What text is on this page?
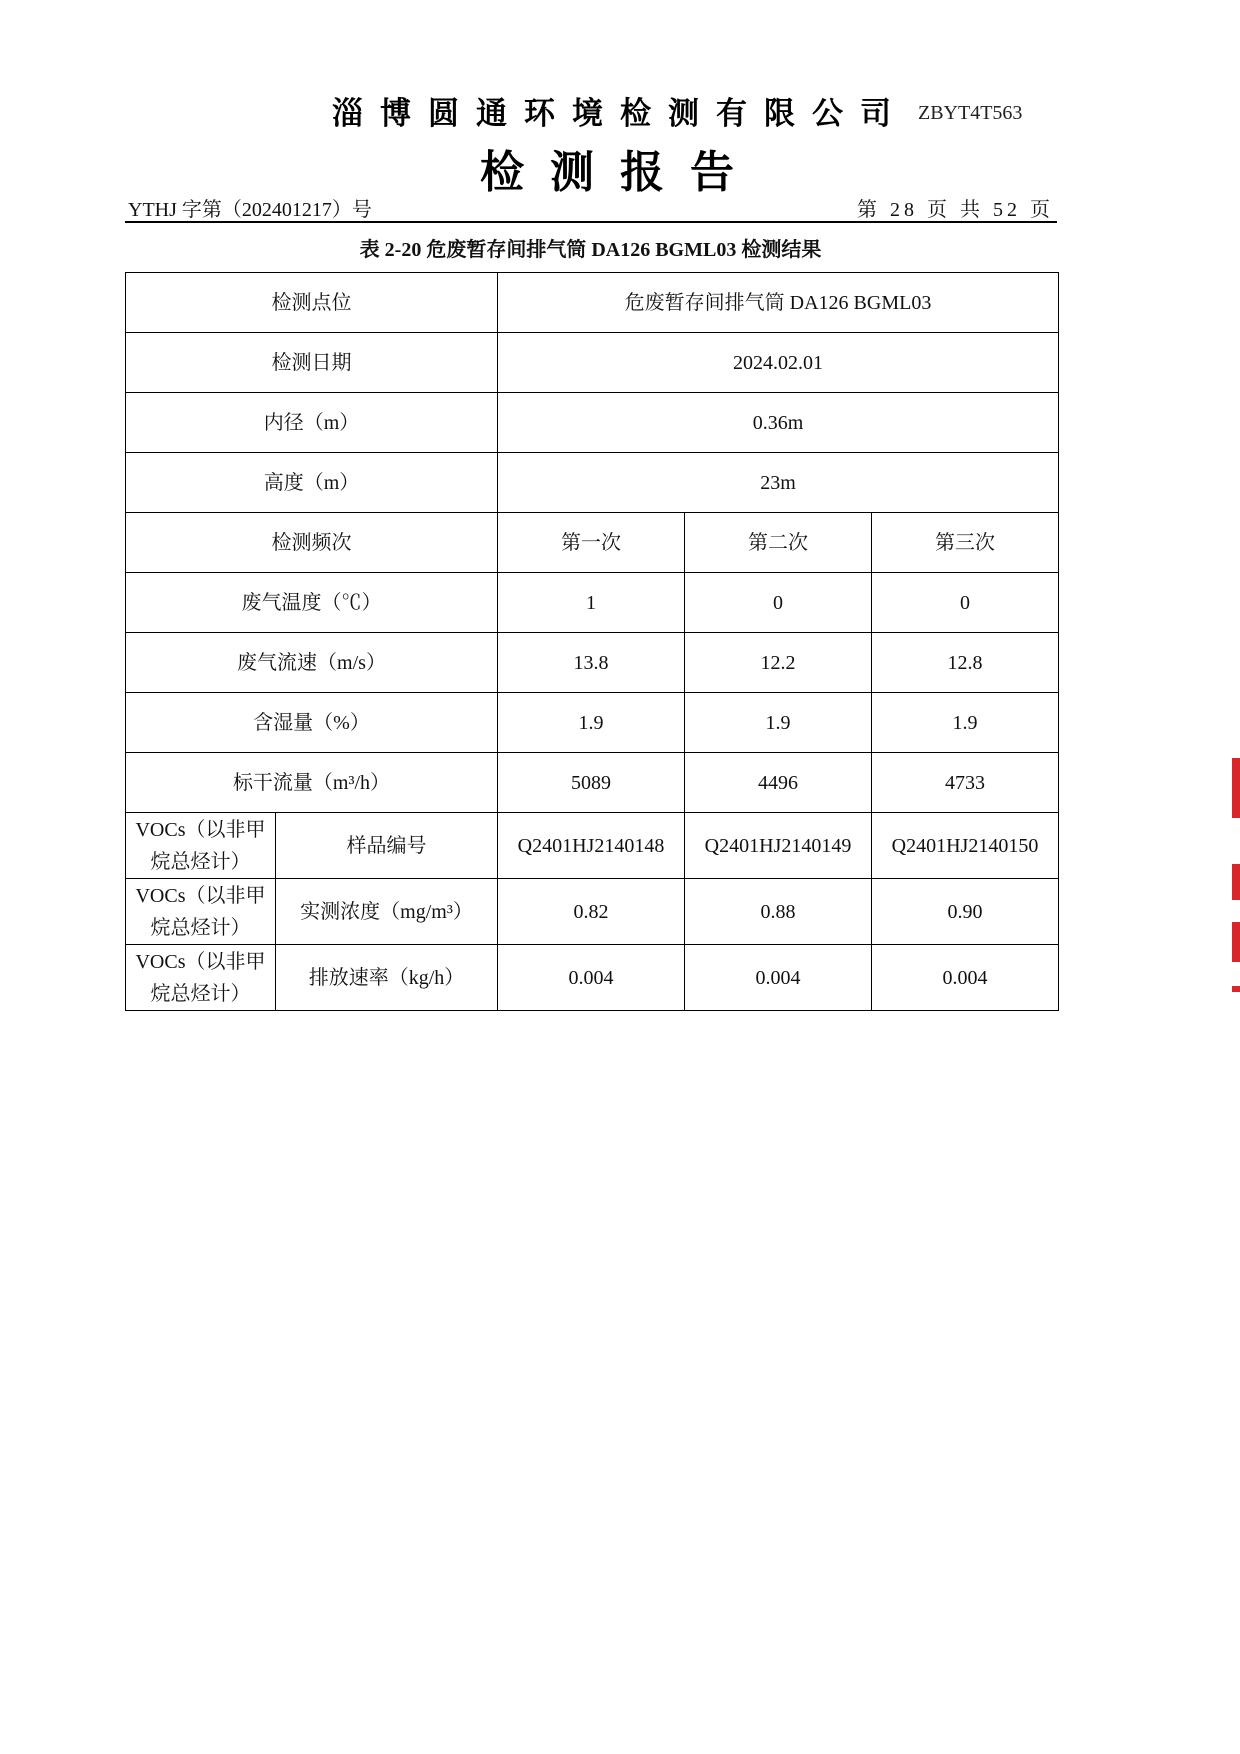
淄博圆通环境检测有限公司 ZBYT4T563
检测报告
YTHJ 字第（202401217）号	第 28 页 共 52 页
表 2-20 危废暂存间排气筒 DA126 BGML03 检测结果
检测点位		危废暂存间排气筒 DA126 BGML03		
检测日期		2024.02.01		
内径（m）		0.36m		
高度（m）		23m		
检测频次		第一次	第二次	第三次
废气温度（℃）		1	0	0
废气流速（m/s）		13.8	12.2	12.8
含湿量（%）		1.9	1.9	1.9
标干流量（m³/h）		5089	4496	4733
VOCs（以非甲烷总烃计）	样品编号	Q2401HJ2140148	Q2401HJ2140149	Q2401HJ2140150
VOCs（以非甲烷总烃计）	实测浓度（mg/m³）	0.82	0.88	0.90
VOCs（以非甲烷总烃计）	排放速率（kg/h）	0.004	0.004	0.004
